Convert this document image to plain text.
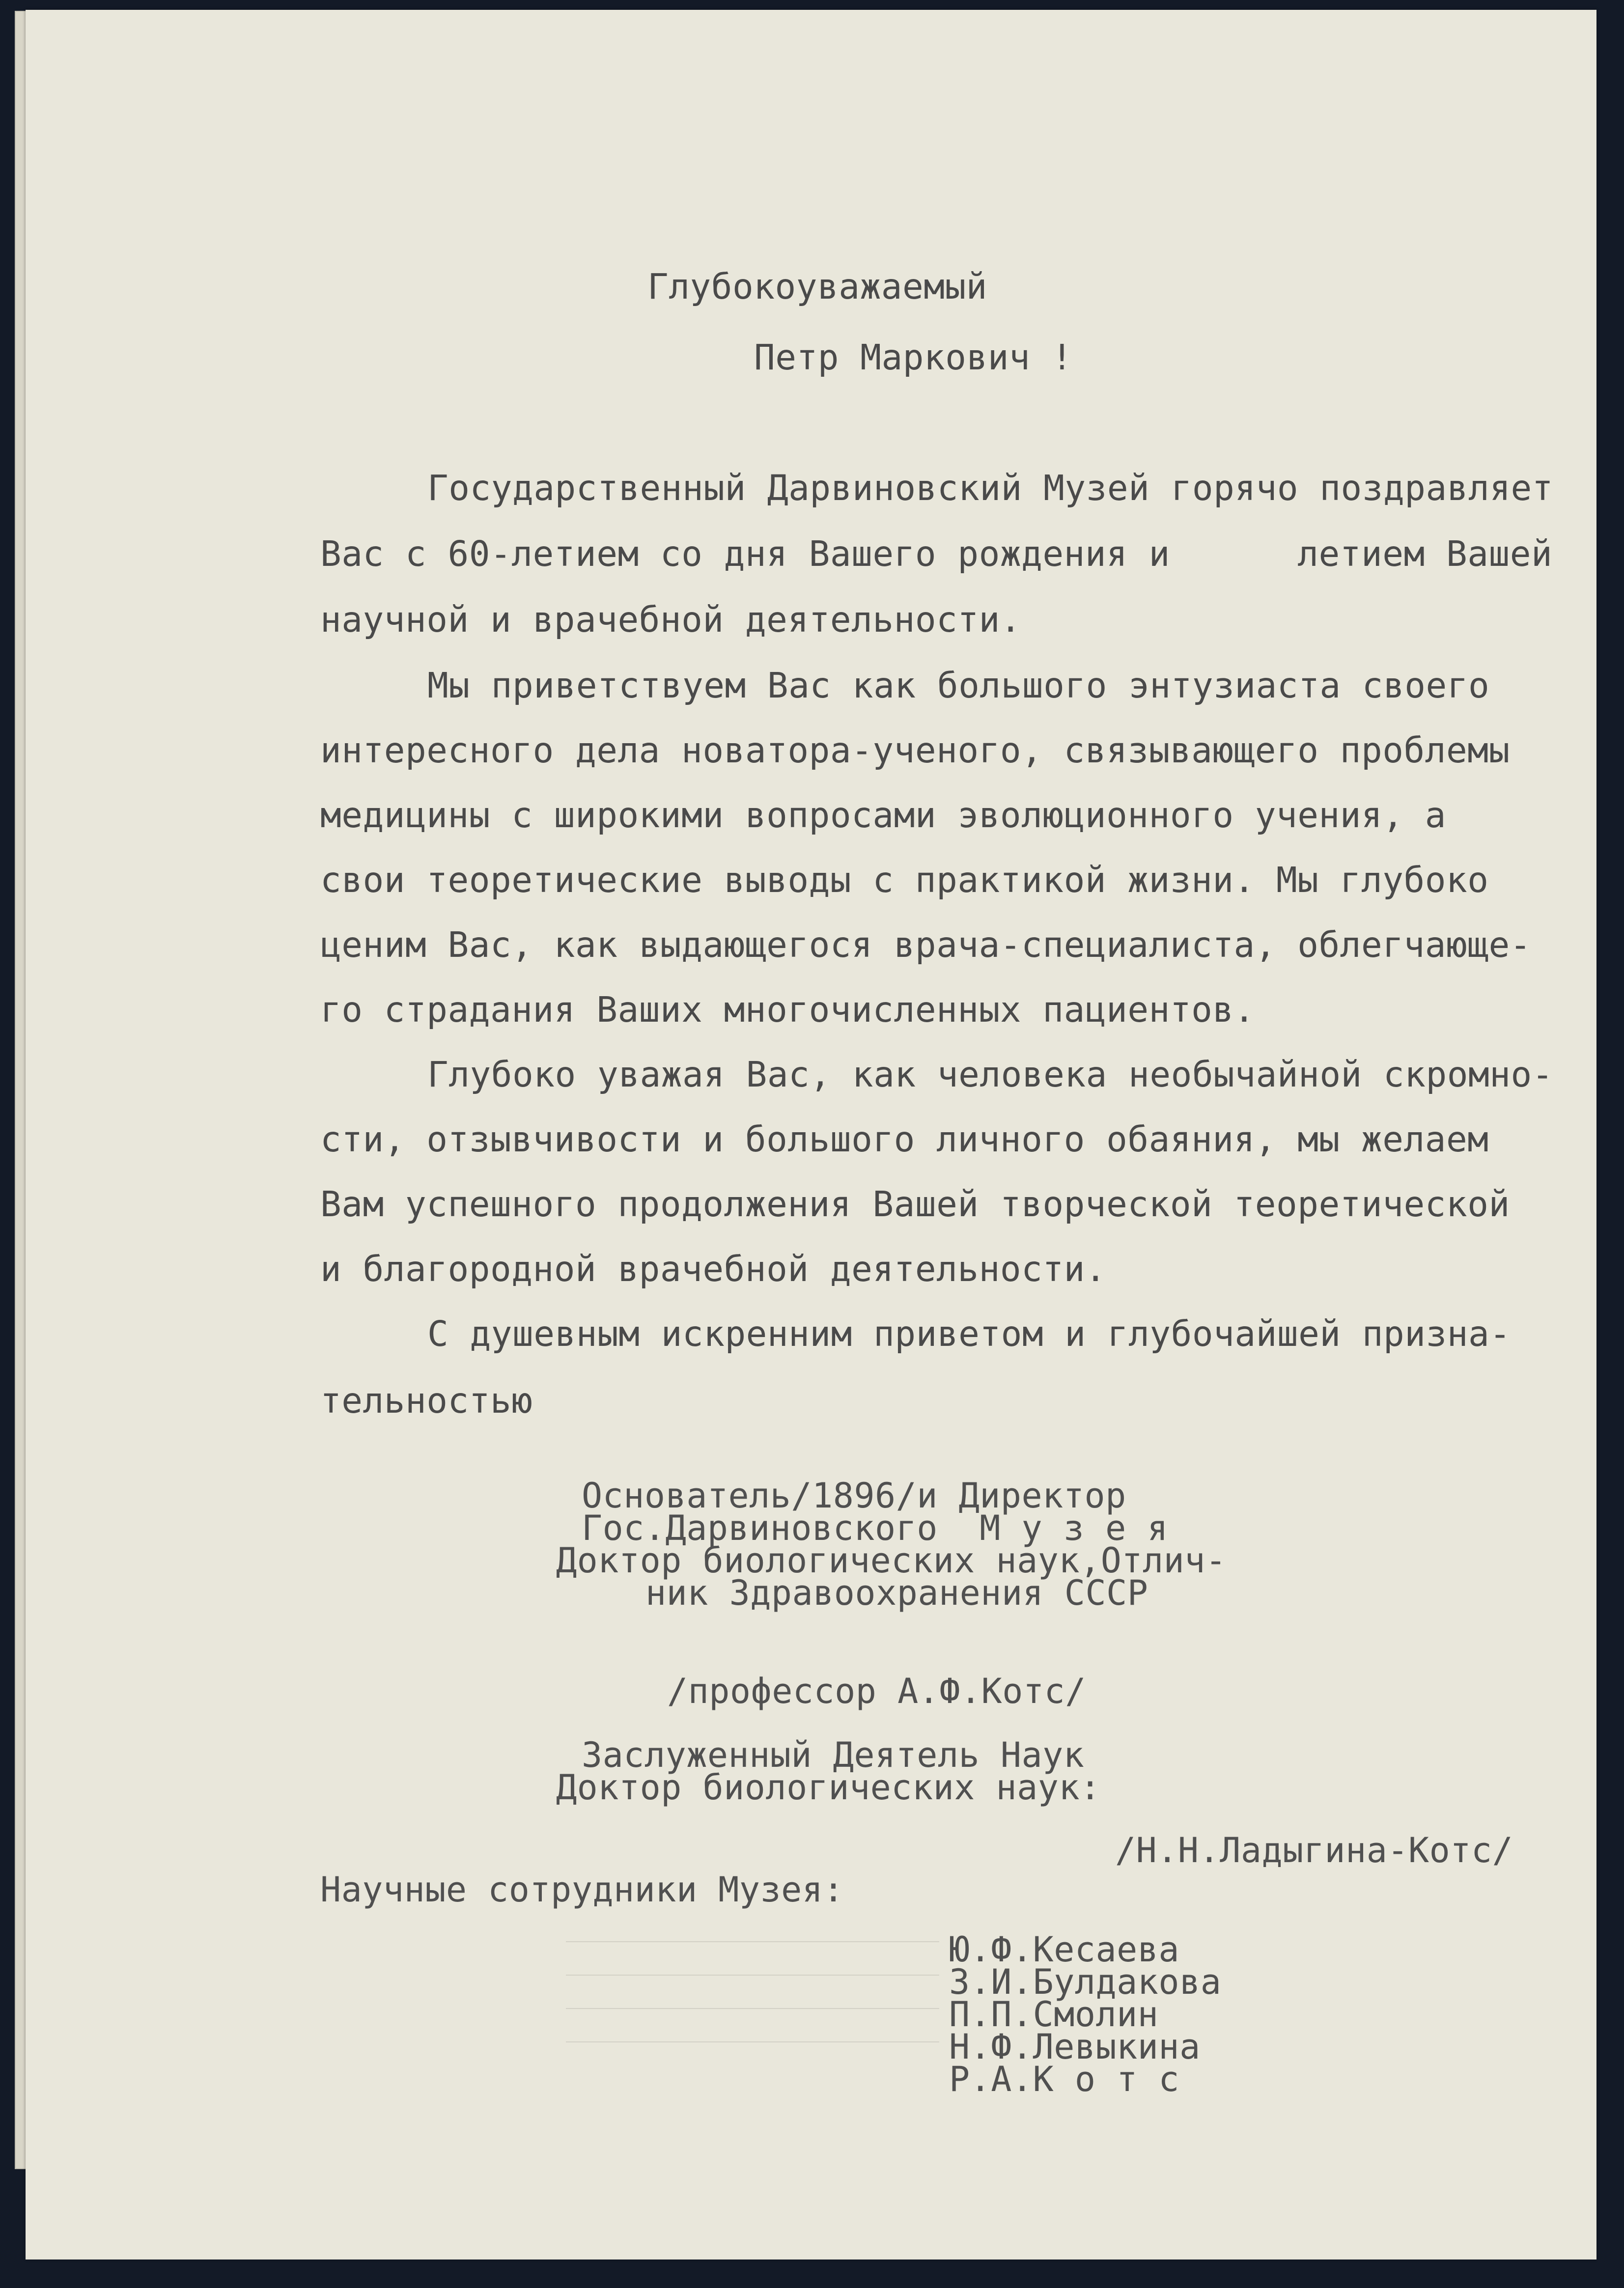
Глубокоуважаемый

Петр Маркович !

Государственный Дарвиновский Музей горячо поздравляет

Вас с 60-летием со дня Вашего рождения и      летием Вашей

научной и врачебной деятельности.

Мы приветствуем Вас как большого энтузиаста своего

интересного дела новатора-ученого, связывающего проблемы

медицины с широкими вопросами эволюционного учения, а

свои теоретические выводы с практикой жизни. Мы глубоко

ценим Вас, как выдающегося врача-специалиста, облегчающе-

го страдания Ваших многочисленных пациентов.

Глубоко уважая Вас, как человека необычайной скромно-

сти, отзывчивости и большого личного обаяния, мы желаем

Вам успешного продолжения Вашей творческой теоретической

и благородной врачебной деятельности.

С душевным искренним приветом и глубочайшей призна-

тельностью

Основатель/1896/и Директор

Гос.Дарвиновского  М у з е я

Доктор биологических наук,Отлич-

ник Здравоохранения СССР

/профессор А.Ф.Котс/

Заслуженный Деятель Наук

Доктор биологических наук:

/Н.Н.Ладыгина-Котс/

Научные сотрудники Музея:

Ю.Ф.Кесаева

З.И.Булдакова

П.П.Смолин

Н.Ф.Левыкина

Р.А.К о т с
